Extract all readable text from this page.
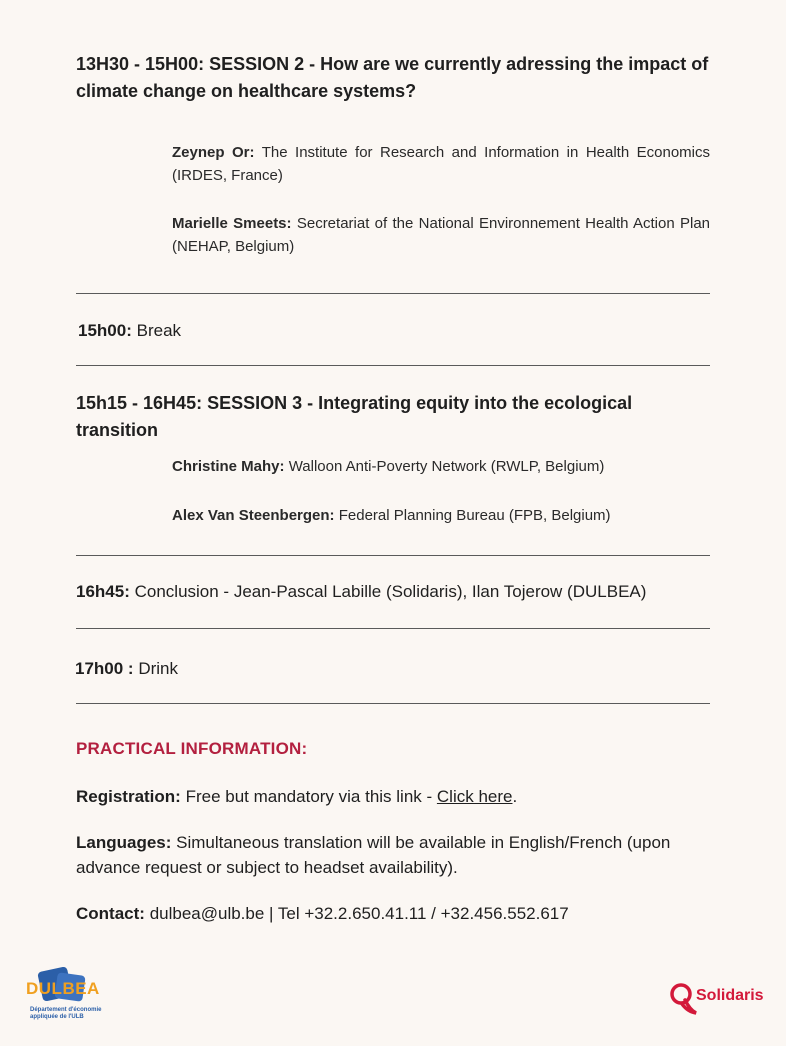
13H30 - 15H00: SESSION 2 - How are we currently adressing the impact of climate change on healthcare systems?
Zeynep Or: The Institute for Research and Information in Health Economics (IRDES, France)
Marielle Smeets: Secretariat of the National Environnement Health Action Plan (NEHAP, Belgium)
15h00: Break
15h15 - 16H45: SESSION 3 - Integrating equity into the ecological transition
Christine Mahy: Walloon Anti-Poverty Network (RWLP, Belgium)
Alex Van Steenbergen: Federal Planning Bureau (FPB, Belgium)
16h45: Conclusion - Jean-Pascal Labille (Solidaris), Ilan Tojerow (DULBEA)
17h00 : Drink
PRACTICAL INFORMATION:
Registration: Free but mandatory via this link - Click here.
Languages: Simultaneous translation will be available in English/French (upon advance request or subject to headset availability).
Contact: dulbea@ulb.be | Tel +32.2.650.41.11 / +32.456.552.617
DULBEA
Département d'économie
appliquée de l'ULB
Solidaris
